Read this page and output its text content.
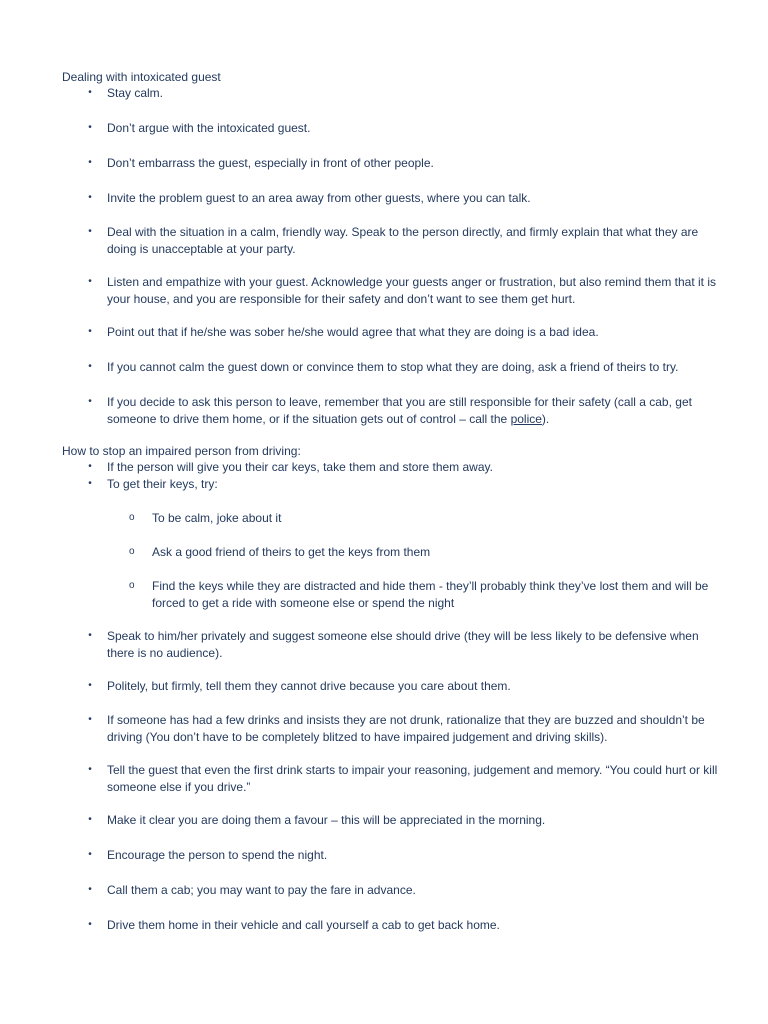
Dealing with intoxicated guest
• Stay calm.
• Don’t argue with the intoxicated guest.
• Don’t embarrass the guest, especially in front of other people.
• Invite the problem guest to an area away from other guests, where you can talk.
• Deal with the situation in a calm, friendly way. Speak to the person directly, and firmly explain that what they are doing is unacceptable at your party.
• Listen and empathize with your guest. Acknowledge your guests anger or frustration, but also remind them that it is your house, and you are responsible for their safety and don’t want to see them get hurt.
• Point out that if he/she was sober he/she would agree that what they are doing is a bad idea.
• If you cannot calm the guest down or convince them to stop what they are doing, ask a friend of theirs to try.
• If you decide to ask this person to leave, remember that you are still responsible for their safety (call a cab, get someone to drive them home, or if the situation gets out of control – call the police).
How to stop an impaired person from driving:
• If the person will give you their car keys, take them and store them away.
• To get their keys, try:
o To be calm, joke about it
o Ask a good friend of theirs to get the keys from them
o Find the keys while they are distracted and hide them - they’ll probably think they’ve lost them and will be forced to get a ride with someone else or spend the night
• Speak to him/her privately and suggest someone else should drive (they will be less likely to be defensive when there is no audience).
• Politely, but firmly, tell them they cannot drive because you care about them.
• If someone has had a few drinks and insists they are not drunk, rationalize that they are buzzed and shouldn’t be driving (You don’t have to be completely blitzed to have impaired judgement and driving skills).
• Tell the guest that even the first drink starts to impair your reasoning, judgement and memory. “You could hurt or kill someone else if you drive.”
• Make it clear you are doing them a favour – this will be appreciated in the morning.
• Encourage the person to spend the night.
• Call them a cab; you may want to pay the fare in advance.
• Drive them home in their vehicle and call yourself a cab to get back home.
